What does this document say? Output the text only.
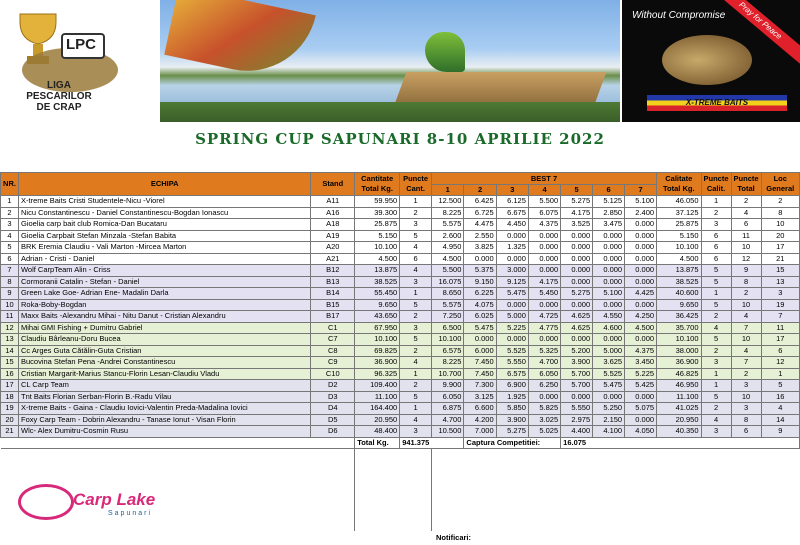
LPC
LIGA
PESCARILOR
DE CRAP
Without Compromise	Pray for Peace
X-TREME BAITS
SPRING CUP SAPUNARI 8-10 APRILIE 2022
NR.	ECHIPA	Stand	Cantitate Total Kg.	Puncte Cant.	BEST 7							Calitate Total Kg.	Puncte Calit.	Puncte Total	Loc General
					1	2	3	4	5	6	7				
1	X-treme Baits Cristi Studentele-Nicu -Viorel	A11	59.950	1	12.500	6.425	6.125	5.500	5.275	5.125	5.100	46.050	1	2	2
2	Nicu Constantinescu - Daniel Constantinescu-Bogdan Ionascu	A16	39.300	2	8.225	6.725	6.675	6.075	4.175	2.850	2.400	37.125	2	4	8
3	Gioelia carp bait club Romica-Dan Bucataru	A18	25.875	3	5.575	4.475	4.450	4.375	3.525	3.475	0.000	25.875	3	6	10
4	Gioelia Carpbait Stefan Minzala -Stefan Babita	A19	5.150	5	2.600	2.550	0.000	0.000	0.000	0.000	0.000	5.150	6	11	20
5	BRK Eremia Claudiu - Vali Marton -Mircea Marton	A20	10.100	4	4.950	3.825	1.325	0.000	0.000	0.000	0.000	10.100	6	10	17
6	Adrian - Cristi - Daniel	A21	4.500	6	4.500	0.000	0.000	0.000	0.000	0.000	0.000	4.500	6	12	21
7	Wolf CarpTeam Alin - Criss	B12	13.875	4	5.500	5.375	3.000	0.000	0.000	0.000	0.000	13.875	5	9	15
8	Cormoranii Catalin - Stefan - Daniel	B13	38.525	3	16.075	9.150	9.125	4.175	0.000	0.000	0.000	38.525	5	8	13
9	Green Lake Goe- Adrian Ene- Madalin Darla	B14	55.450	1	8.650	6.225	5.475	5.450	5.275	5.100	4.425	40.600	1	2	3
10	Roka-Boby-Bogdan	B15	9.650	5	5.575	4.075	0.000	0.000	0.000	0.000	0.000	9.650	5	10	19
11	Maxx Baits -Alexandru Mihai - Nitu Danut - Cristian Alexandru	B17	43.650	2	7.250	6.025	5.000	4.725	4.625	4.550	4.250	36.425	2	4	7
12	Mihai GMI Fishing + Dumitru Gabriel	C1	67.950	3	6.500	5.475	5.225	4.775	4.625	4.600	4.500	35.700	4	7	11
13	Claudiu Bârleanu-Doru Bucea	C7	10.100	5	10.100	0.000	0.000	0.000	0.000	0.000	0.000	10.100	5	10	17
14	Cc Arges Guta Cătălin-Guta Cristian	C8	69.825	2	6.575	6.000	5.525	5.325	5.200	5.000	4.375	38.000	2	4	6
15	Bucovina Stefan Pena -Andrei Constantinescu	C9	36.900	4	8.225	7.450	5.550	4.700	3.900	3.625	3.450	36.900	3	7	12
16	Cristian Margarit-Marius Stancu-Florin Lesan-Claudiu Vladu	C10	96.325	1	10.700	7.450	6.575	6.050	5.700	5.525	5.225	46.825	1	2	1
17	CL Carp Team	D2	109.400	2	9.900	7.300	6.900	6.250	5.700	5.475	5.425	46.950	1	3	5
18	Tnt Baits Florian Serban-Florin B.-Radu Vilau	D3	11.100	5	6.050	3.125	1.925	0.000	0.000	0.000	0.000	11.100	5	10	16
19	X-treme Baits - Gaina - Claudiu Iovici-Valentin Preda-Madalina Iovici	D4	164.400	1	6.875	6.600	5.850	5.825	5.550	5.250	5.075	41.025	2	3	4
20	Foxy Carp Team - Dobrin Alexandru - Tanase Ionut - Visan Florin	D5	20.950	4	4.700	4.200	3.900	3.025	2.975	2.150	0.000	20.950	4	8	14
21	Wlc- Alex Dumitru-Cosmin Rusu	D6	48.400	3	10.500	7.000	5.275	5.025	4.400	4.100	4.050	40.350	3	6	9
			Total Kg.	941.375		Captura Competitiei:			16.075						

Carp Lake
Sapunari
Notificari:
